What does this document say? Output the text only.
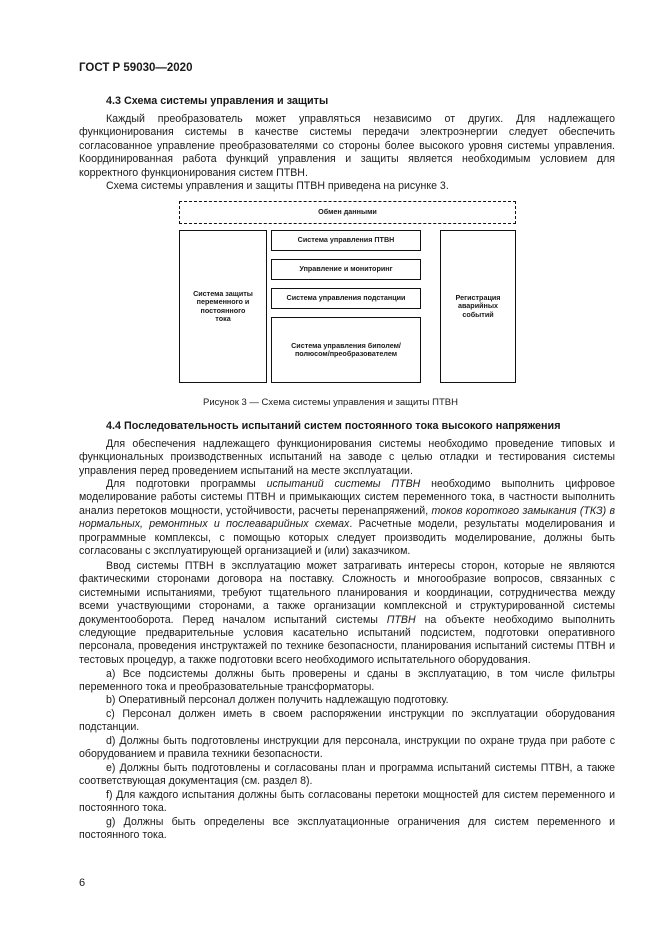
ГОСТ Р 59030—2020
4.3 Схема системы управления и защиты

Каждый преобразователь может управляться независимо от других. Для надлежащего функционирования системы в качестве системы передачи электроэнергии следует обеспечить согласованное управление преобразователями со стороны более высокого уровня системы управления. Координированная работа функций управления и защиты является необходимым условием для корректного функционирования систем ПТВН.

Схема системы управления и защиты ПТВН приведена на рисунке 3.

Обмен данными
Система защиты переменного и постоянного тока
Система управления ПТВН
Управление и мониторинг
Система управления подстанции
Система управления биполем/ полюсом/преобразователем
Регистрация аварийных событий
Рисунок 3 — Схема системы управления и защиты ПТВН
4.4 Последовательность испытаний систем постоянного тока высокого напряжения

Для обеспечения надлежащего функционирования системы необходимо проведение типовых и функциональных производственных испытаний на заводе с целью отладки и тестирования системы управления перед проведением испытаний на месте эксплуатации.

Для подготовки программы испытаний системы ПТВН необходимо выполнить цифровое моделирование работы системы ПТВН и примыкающих систем переменного тока, в частности выполнить анализ перетоков мощности, устойчивости, расчеты перенапряжений, токов короткого замыкания (ТКЗ) в нормальных, ремонтных и послеаварийных схемах. Расчетные модели, результаты моделирования и программные комплексы, с помощью которых следует производить моделирование, должны быть согласованы с эксплуатирующей организацией и (или) заказчиком.

Ввод системы ПТВН в эксплуатацию может затрагивать интересы сторон, которые не являются фактическими сторонами договора на поставку. Сложность и многообразие вопросов, связанных с системными испытаниями, требуют тщательного планирования и координации, сотрудничества между всеми участвующими сторонами, а также организации комплексной и структурированной системы документооборота. Перед началом испытаний системы ПТВН на объекте необходимо выполнить следующие предварительные условия касательно испытаний подсистем, подготовки оперативного персонала, проведения инструктажей по технике безопасности, планирования испытаний системы ПТВН и тестовых процедур, а также подготовки всего необходимого испытательного оборудования.

a) Все подсистемы должны быть проверены и сданы в эксплуатацию, в том числе фильтры переменного тока и преобразовательные трансформаторы.

b) Оперативный персонал должен получить надлежащую подготовку.

c) Персонал должен иметь в своем распоряжении инструкции по эксплуатации оборудования подстанции.

d) Должны быть подготовлены инструкции для персонала, инструкции по охране труда при работе с оборудованием и правила техники безопасности.

e) Должны быть подготовлены и согласованы план и программа испытаний системы ПТВН, а также соответствующая документация (см. раздел 8).

f) Для каждого испытания должны быть согласованы перетоки мощностей для систем переменного и постоянного тока.

g) Должны быть определены все эксплуатационные ограничения для систем переменного и постоянного тока.

6
